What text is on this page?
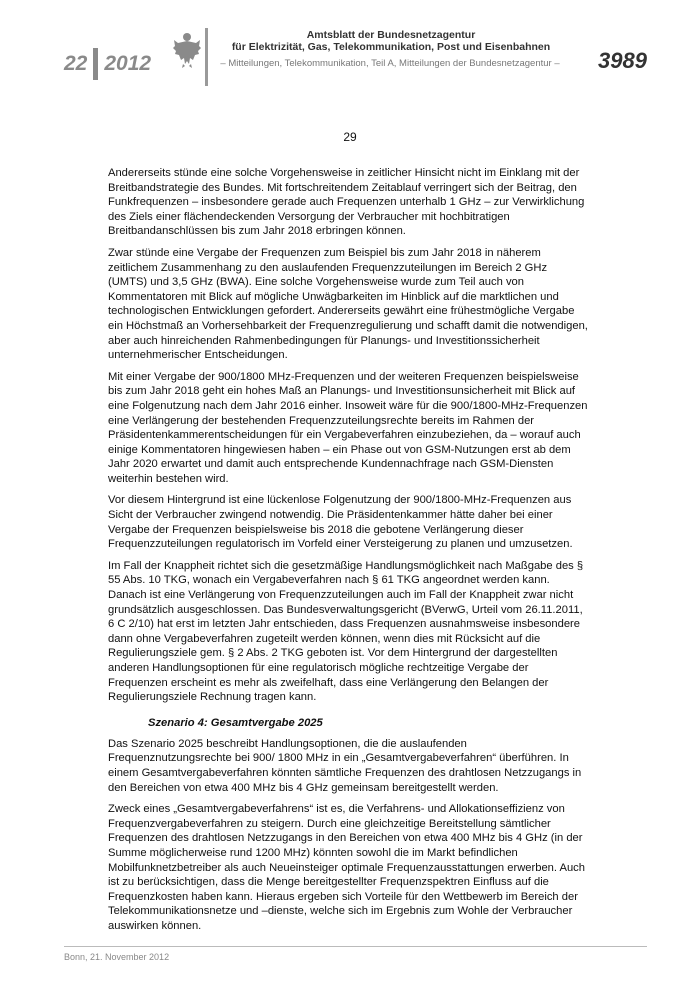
22 2012
Amtsblatt der Bundesnetzagentur
für Elektrizität, Gas, Telekommunikation, Post und Eisenbahnen
– Mitteilungen, Telekommunikation, Teil A, Mitteilungen der Bundesnetzagentur –	3989
29

Andererseits stünde eine solche Vorgehensweise in zeitlicher Hinsicht nicht im Einklang mit der Breitbandstrategie des Bundes. Mit fortschreitendem Zeitablauf verringert sich der Beitrag, den Funkfrequenzen – insbesondere gerade auch Frequenzen unterhalb 1 GHz – zur Verwirklichung des Ziels einer flächendeckenden Versorgung der Verbraucher mit hochbitratigen Breitbandanschlüssen bis zum Jahr 2018 erbringen können.

Zwar stünde eine Vergabe der Frequenzen zum Beispiel bis zum Jahr 2018 in näherem zeitlichem Zusammenhang zu den auslaufenden Frequenzzuteilungen im Bereich 2 GHz (UMTS) und 3,5 GHz (BWA). Eine solche Vorgehensweise wurde zum Teil auch von Kommentatoren mit Blick auf mögliche Unwägbarkeiten im Hinblick auf die marktlichen und technologischen Entwicklungen gefordert. Andererseits gewährt eine frühestmögliche Vergabe ein Höchstmaß an Vorhersehbarkeit der Frequenzregulierung und schafft damit die notwendigen, aber auch hinreichenden Rahmenbedingungen für Planungs- und Investitionssicherheit unternehmerischer Entscheidungen.

Mit einer Vergabe der 900/1800 MHz-Frequenzen und der weiteren Frequenzen beispielsweise bis zum Jahr 2018 geht ein hohes Maß an Planungs- und Investitionsunsicherheit mit Blick auf eine Folgenutzung nach dem Jahr 2016 einher. Insoweit wäre für die 900/1800-MHz-Frequenzen eine Verlängerung der bestehenden Frequenzzuteilungsrechte bereits im Rahmen der Präsidentenkammerentscheidungen für ein Vergabeverfahren einzubeziehen, da – worauf auch einige Kommentatoren hingewiesen haben – ein Phase out von GSM-Nutzungen erst ab dem Jahr 2020 erwartet und damit auch entsprechende Kundennachfrage nach GSM-Diensten weiterhin bestehen wird.

Vor diesem Hintergrund ist eine lückenlose Folgenutzung der 900/1800-MHz-Frequenzen aus Sicht der Verbraucher zwingend notwendig. Die Präsidentenkammer hätte daher bei einer Vergabe der Frequenzen beispielsweise bis 2018 die gebotene Verlängerung dieser Frequenzzuteilungen regulatorisch im Vorfeld einer Versteigerung zu planen und umzusetzen.

Im Fall der Knappheit richtet sich die gesetzmäßige Handlungsmöglichkeit nach Maßgabe des § 55 Abs. 10 TKG, wonach ein Vergabeverfahren nach § 61 TKG angeordnet werden kann. Danach ist eine Verlängerung von Frequenzzuteilungen auch im Fall der Knappheit zwar nicht grundsätzlich ausgeschlossen. Das Bundesverwaltungsgericht (BVerwG, Urteil vom 26.11.2011, 6 C 2/10) hat erst im letzten Jahr entschieden, dass Frequenzen ausnahmsweise insbesondere dann ohne Vergabeverfahren zugeteilt werden können, wenn dies mit Rücksicht auf die Regulierungsziele gem. § 2 Abs. 2 TKG geboten ist. Vor dem Hintergrund der dargestellten anderen Handlungsoptionen für eine regulatorisch mögliche rechtzeitige Vergabe der Frequenzen erscheint es mehr als zweifelhaft, dass eine Verlängerung den Belangen der Regulierungsziele Rechnung tragen kann.

Szenario 4: Gesamtvergabe 2025

Das Szenario 2025 beschreibt Handlungsoptionen, die die auslaufenden Frequenznutzungsrechte bei 900/ 1800 MHz in ein „Gesamtvergabeverfahren“ überführen. In einem Gesamtvergabeverfahren könnten sämtliche Frequenzen des drahtlosen Netzzugangs in den Bereichen von etwa 400 MHz bis 4 GHz gemeinsam bereitgestellt werden.

Zweck eines „Gesamtvergabeverfahrens“ ist es, die Verfahrens- und Allokationseffizienz von Frequenzvergabeverfahren zu steigern. Durch eine gleichzeitige Bereitstellung sämtlicher Frequenzen des drahtlosen Netzzugangs in den Bereichen von etwa 400 MHz bis 4 GHz (in der Summe möglicherweise rund 1200 MHz) könnten sowohl die im Markt befindlichen Mobilfunknetzbetreiber als auch Neueinsteiger optimale Frequenzausstattungen erwerben. Auch ist zu berücksichtigen, dass die Menge bereitgestellter Frequenzspektren Einfluss auf die Frequenzkosten haben kann. Hieraus ergeben sich Vorteile für den Wettbewerb im Bereich der Telekommunikationsnetze und –dienste, welche sich im Ergebnis zum Wohle der Verbraucher auswirken können.

Bonn, 21. November 2012
